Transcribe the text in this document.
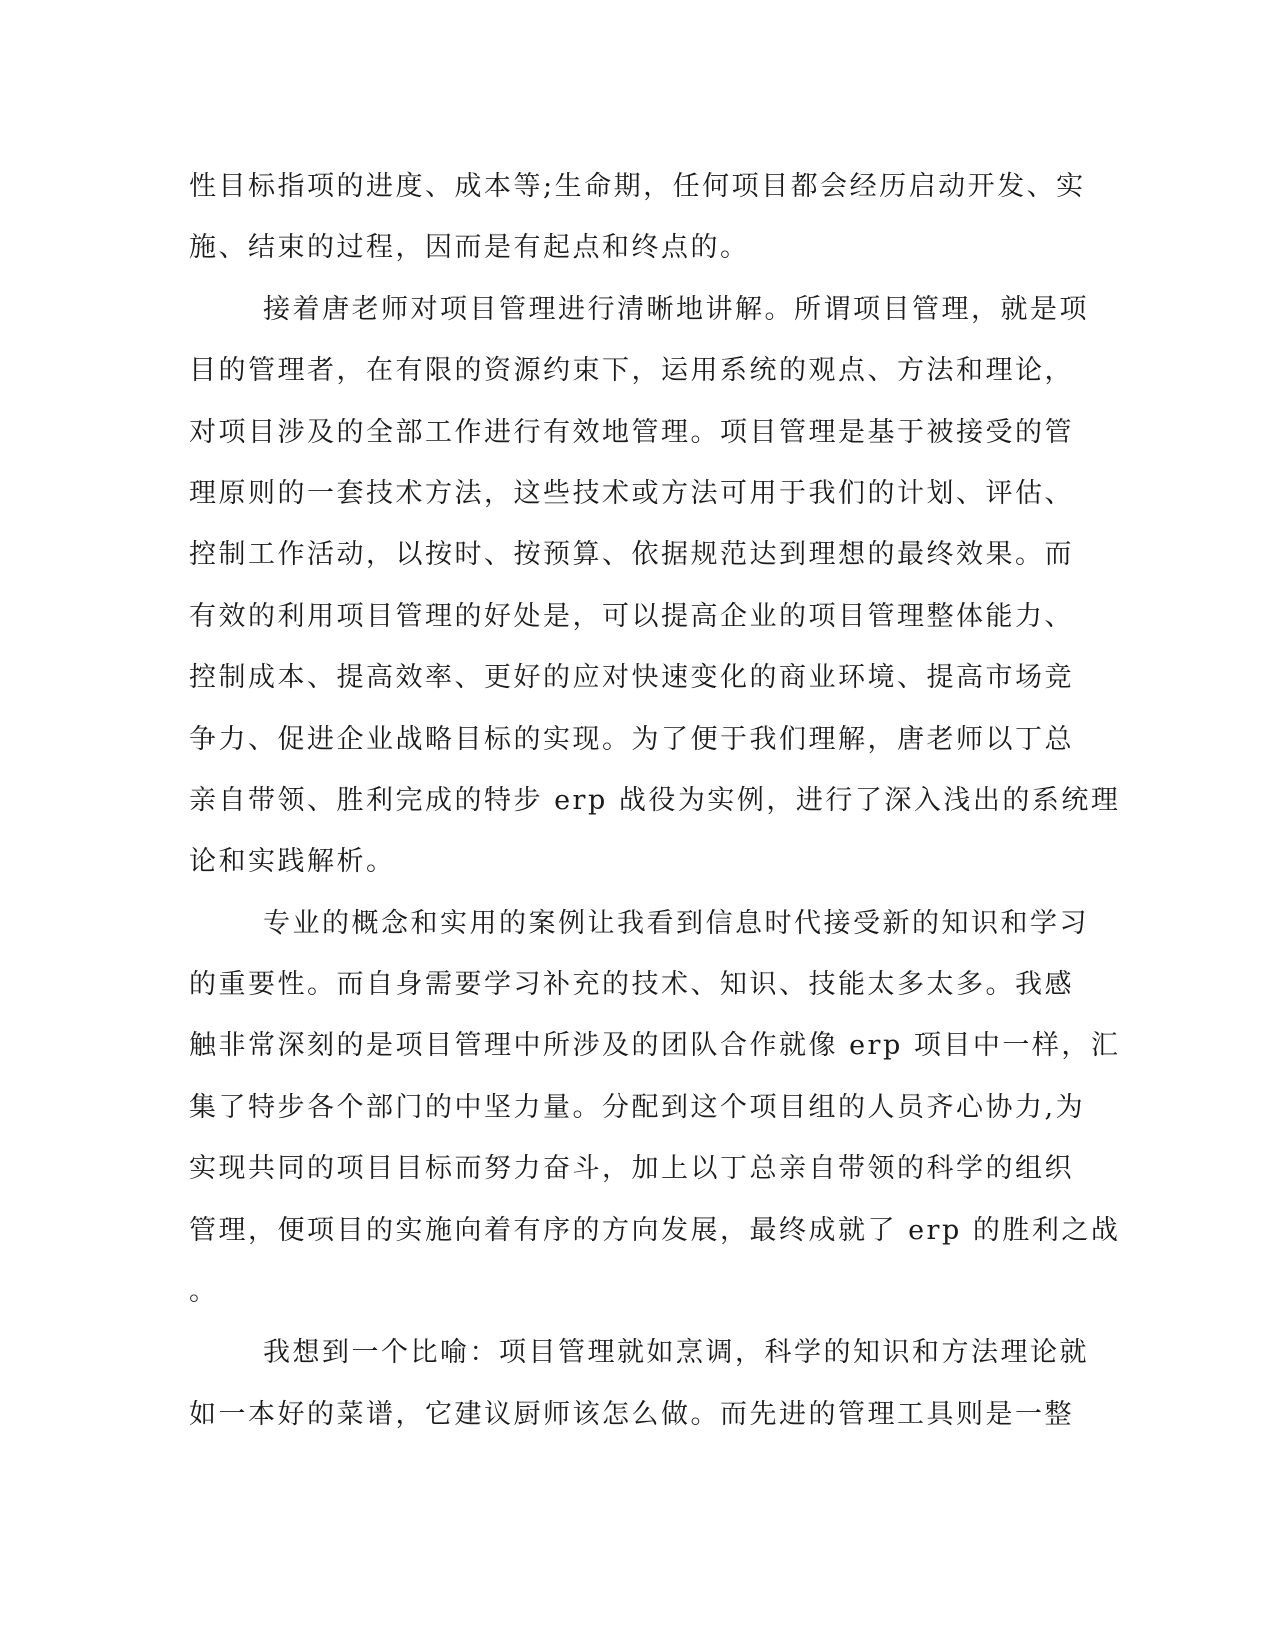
性目标指项的进度、成本等;生命期，任何项目都会经历启动开发、实
施、结束的过程，因而是有起点和终点的。
接着唐老师对项目管理进行清晰地讲解。所谓项目管理，就是项
目的管理者，在有限的资源约束下，运用系统的观点、方法和理论，
对项目涉及的全部工作进行有效地管理。项目管理是基于被接受的管
理原则的一套技术方法，这些技术或方法可用于我们的计划、评估、
控制工作活动，以按时、按预算、依据规范达到理想的最终效果。而
有效的利用项目管理的好处是，可以提高企业的项目管理整体能力、
控制成本、提高效率、更好的应对快速变化的商业环境、提高市场竞
争力、促进企业战略目标的实现。为了便于我们理解，唐老师以丁总
亲自带领、胜利完成的特步 erp 战役为实例，进行了深入浅出的系统理
论和实践解析。
专业的概念和实用的案例让我看到信息时代接受新的知识和学习
的重要性。而自身需要学习补充的技术、知识、技能太多太多。我感
触非常深刻的是项目管理中所涉及的团队合作就像 erp 项目中一样，汇
集了特步各个部门的中坚力量。分配到这个项目组的人员齐心协力,为
实现共同的项目目标而努力奋斗，加上以丁总亲自带领的科学的组织
管理，便项目的实施向着有序的方向发展，最终成就了 erp 的胜利之战
。
我想到一个比喻：项目管理就如烹调，科学的知识和方法理论就
如一本好的菜谱，它建议厨师该怎么做。而先进的管理工具则是一整
